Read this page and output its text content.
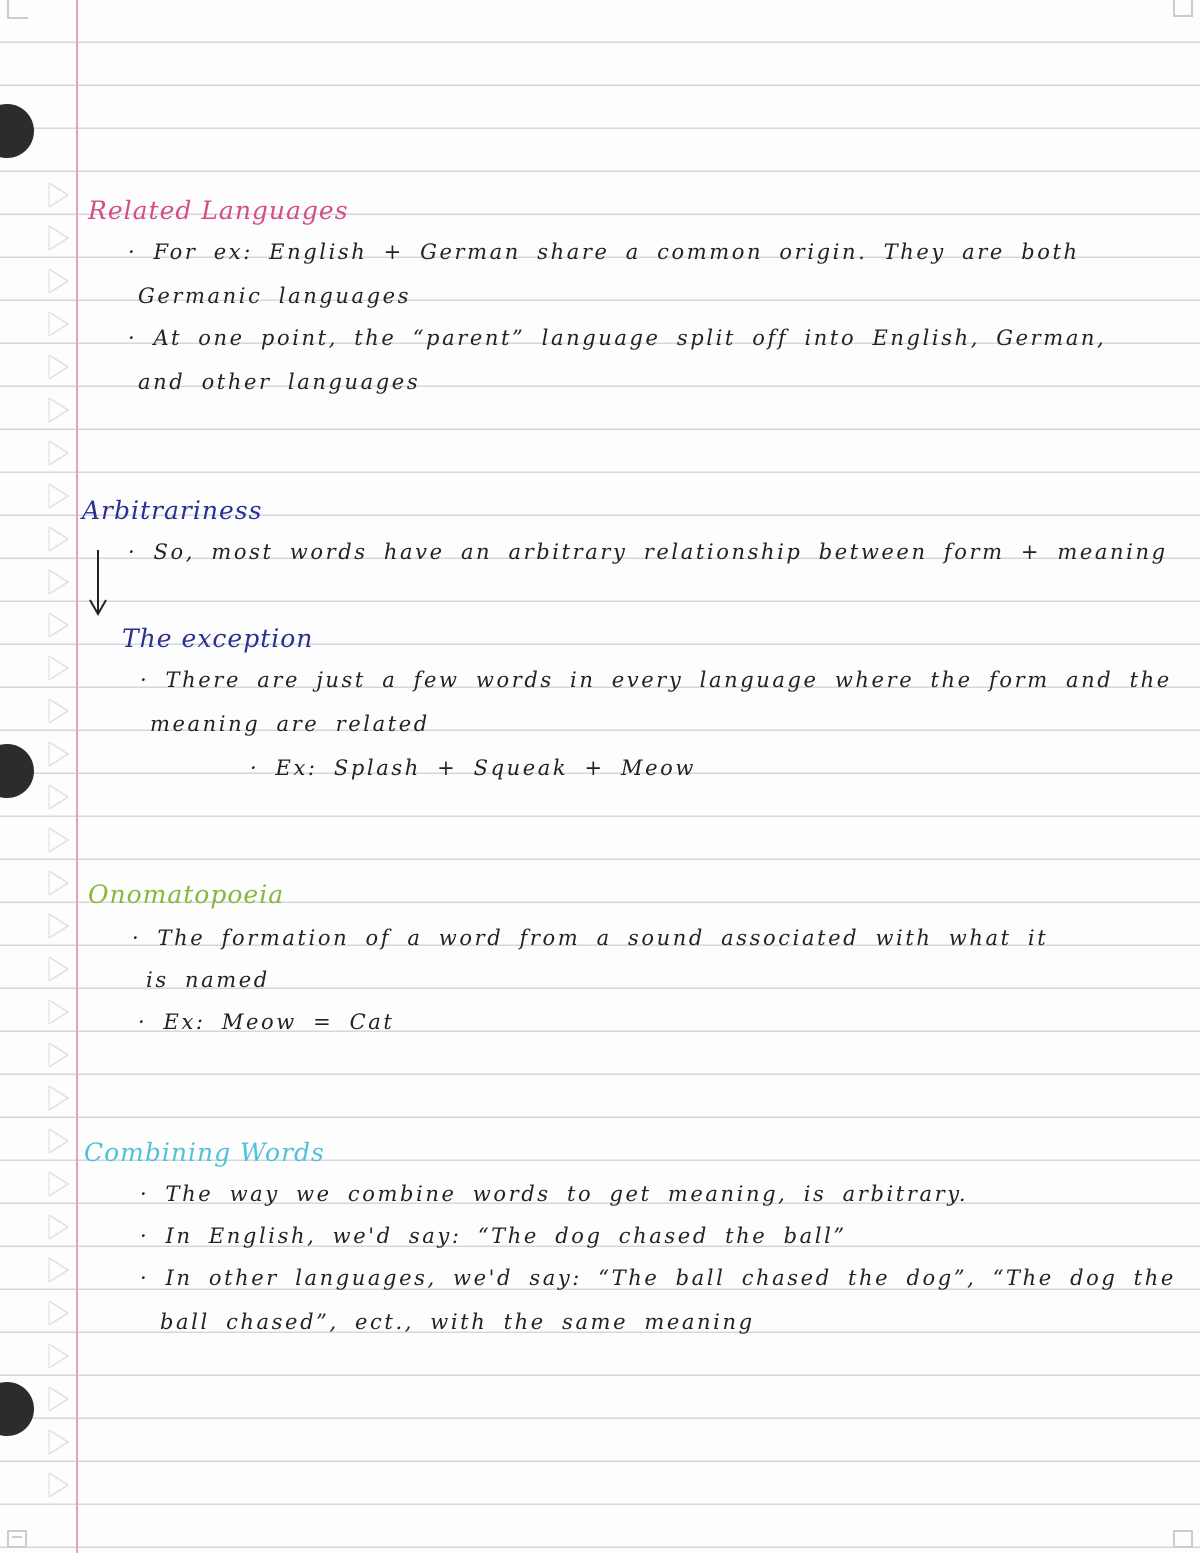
Related Languages
· For ex: English + German share a common origin. They are both
Germanic languages
· At one point, the “parent” language split off into English, German,
and other languages
Arbitrariness
· So, most words have an arbitrary relationship between form + meaning
The exception
· There are just a few words in every language where the form and the
meaning are related
· Ex: Splash + Squeak + Meow
Onomatopoeia
· The formation of a word from a sound associated with what it
is named
· Ex: Meow = Cat
Combining Words
· The way we combine words to get meaning, is arbitrary.
· In English, we'd say: “The dog chased the ball”
· In other languages, we'd say: “The ball chased the dog”, “The dog the
ball chased”, ect., with the same meaning
